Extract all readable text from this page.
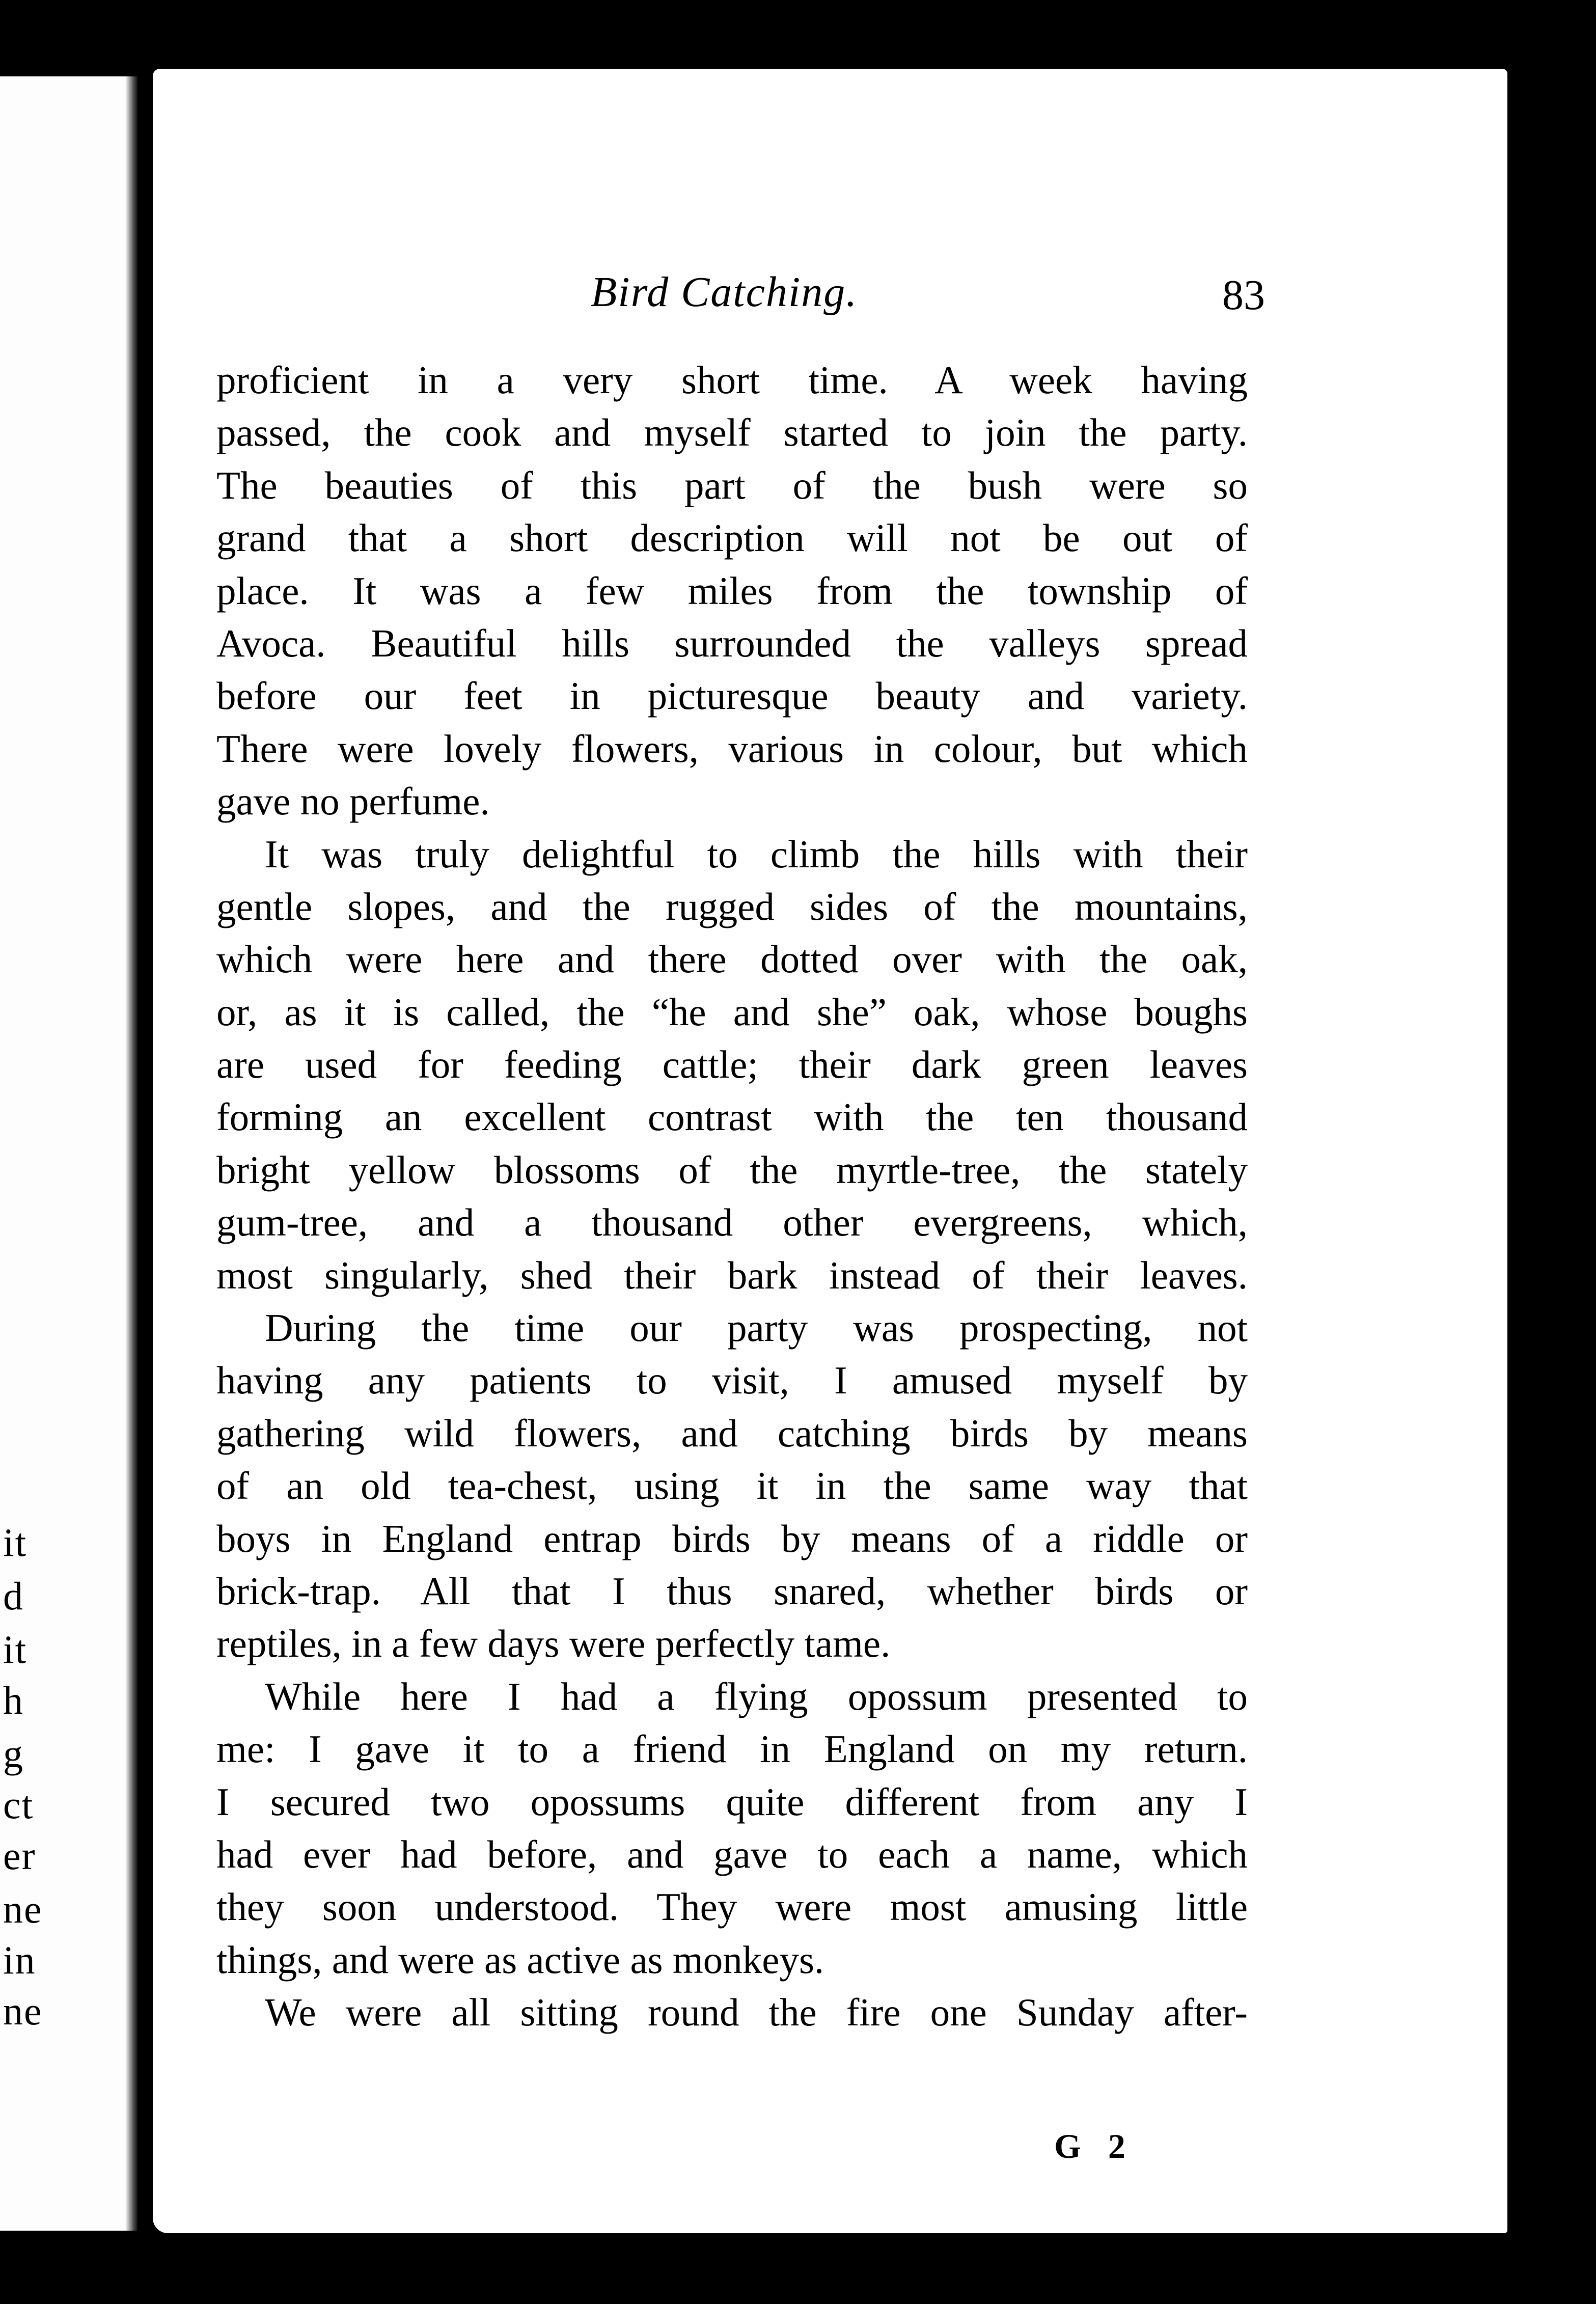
it
d
it
h
g
ct
er
ne
in
ne
Bird Catching.	83
proficient in a very short time. A week having
passed, the cook and myself started to join the party.
The beauties of this part of the bush were so
grand that a short description will not be out of
place. It was a few miles from the township of
Avoca. Beautiful hills surrounded the valleys spread
before our feet in picturesque beauty and variety.
There were lovely flowers, various in colour, but which
gave no perfume.
It was truly delightful to climb the hills with their
gentle slopes, and the rugged sides of the mountains,
which were here and there dotted over with the oak,
or, as it is called, the “he and she” oak, whose boughs
are used for feeding cattle; their dark green leaves
forming an excellent contrast with the ten thousand
bright yellow blossoms of the myrtle-tree, the stately
gum-tree, and a thousand other evergreens, which,
most singularly, shed their bark instead of their leaves.
During the time our party was prospecting, not
having any patients to visit, I amused myself by
gathering wild flowers, and catching birds by means
of an old tea-chest, using it in the same way that
boys in England entrap birds by means of a riddle or
brick-trap. All that I thus snared, whether birds or
reptiles, in a few days were perfectly tame.
While here I had a flying opossum presented to
me: I gave it to a friend in England on my return.
I secured two opossums quite different from any I
had ever had before, and gave to each a name, which
they soon understood. They were most amusing little
things, and were as active as monkeys.
We were all sitting round the fire one Sunday after-
G 2
